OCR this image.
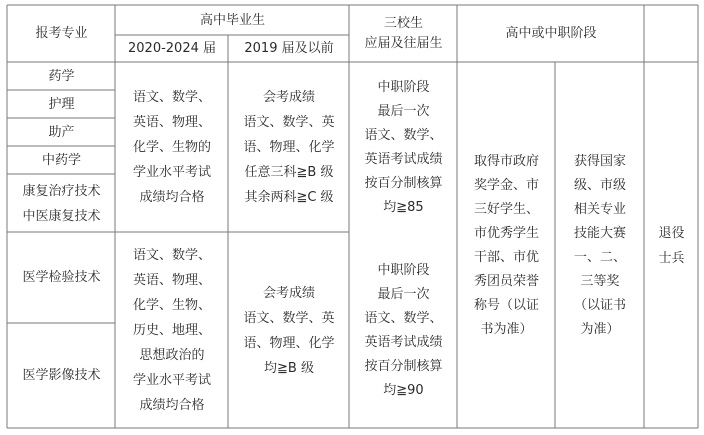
报考专业
高中毕业生
2020-2024 届	2019 届及以前
三校生
应届及往届生
高中或中职阶段
药学
护理
助产
中药学
康复治疗技术
中医康复技术
语文、数学、
英语、物理、
化学、生物的
学业水平考试
成绩均合格
会考成绩
语文、数学、英
语、物理、化学
任意三科≧B 级
其余两科≧C 级
中职阶段
最后一次
语文、数学、
英语考试成绩
按百分制核算
均≧85
医学检验技术
医学影像技术
语文、数学、
英语、物理、
化学、生物、
历史、地理、
思想政治的
学业水平考试
成绩均合格
会考成绩
语文、数学、英
语、物理、化学
均≧B 级
中职阶段
最后一次
语文、数学、
英语考试成绩
按百分制核算
均≧90
取得市政府
奖学金、市
三好学生、
市优秀学生
干部、市优
秀团员荣誉
称号（以证
书为准）
获得国家
级、市级
相关专业
技能大赛
一、二、
三等奖
（以证书
为准）
退役
士兵
